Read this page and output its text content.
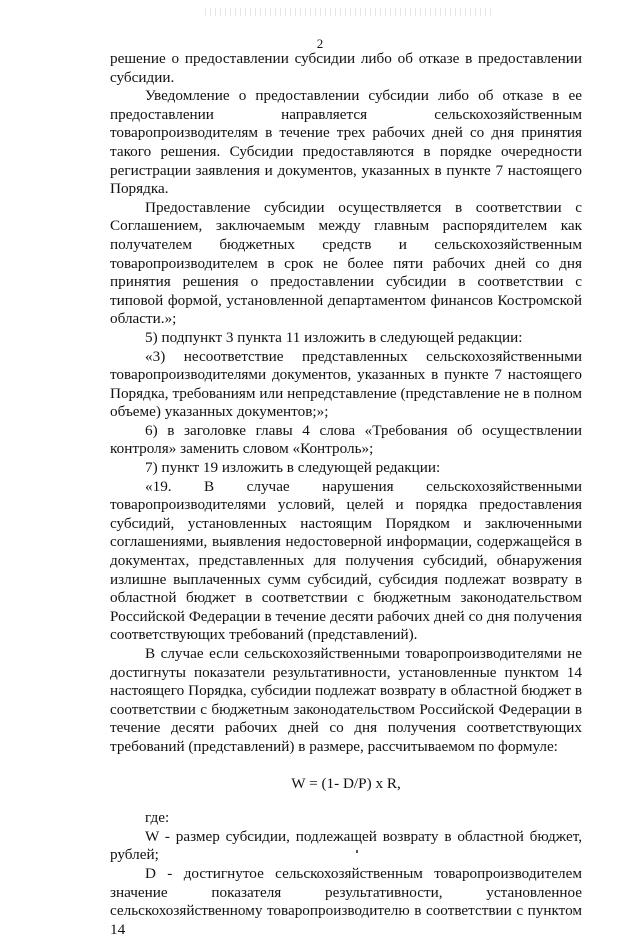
2

решение о предоставлении субсидии либо об отказе в предоставлении субсидии.

Уведомление о предоставлении субсидии либо об отказе в ее предоставлении направляется сельскохозяйственным товаропроизводителям в течение трех рабочих дней со дня принятия такого решения. Субсидии предоставляются в порядке очередности регистрации заявления и документов, указанных в пункте 7 настоящего Порядка.

Предоставление субсидии осуществляется в соответствии с Соглашением, заключаемым между главным распорядителем как получателем бюджетных средств и сельскохозяйственным товаропроизводителем в срок не более пяти рабочих дней со дня принятия решения о предоставлении субсидии в соответствии с типовой формой, установленной департаментом финансов Костромской области.»;

5) подпункт 3 пункта 11 изложить в следующей редакции:

«3) несоответствие представленных сельскохозяйственными товаропроизводителями документов, указанных в пункте 7 настоящего Порядка, требованиям или непредставление (представление не в полном объеме) указанных документов;»;

6) в заголовке главы 4 слова «Требования об осуществлении контроля» заменить словом «Контроль»;

7) пункт 19 изложить в следующей редакции:

«19. В случае нарушения сельскохозяйственными товаропроизводителями условий, целей и порядка предоставления субсидий, установленных настоящим Порядком и заключенными соглашениями, выявления недостоверной информации, содержащейся в документах, представленных для получения субсидий, обнаружения излишне выплаченных сумм субсидий, субсидия подлежат возврату в областной бюджет в соответствии с бюджетным законодательством Российской Федерации в течение десяти рабочих дней со дня получения соответствующих требований (представлений).

В случае если сельскохозяйственными товаропроизводителями не достигнуты показатели результативности, установленные пунктом 14 настоящего Порядка, субсидии подлежат возврату в областной бюджет в соответствии с бюджетным законодательством Российской Федерации в течение десяти рабочих дней со дня получения соответствующих требований (представлений) в размере, рассчитываемом по формуле:

W = (1- D/P) x R,

где:

W - размер субсидии, подлежащей возврату в областной бюджет, рублей;

D - достигнутое сельскохозяйственным товаропроизводителем значение показателя результативности, установленное сельскохозяйственному товаропроизводителю в соответствии с пунктом 14
